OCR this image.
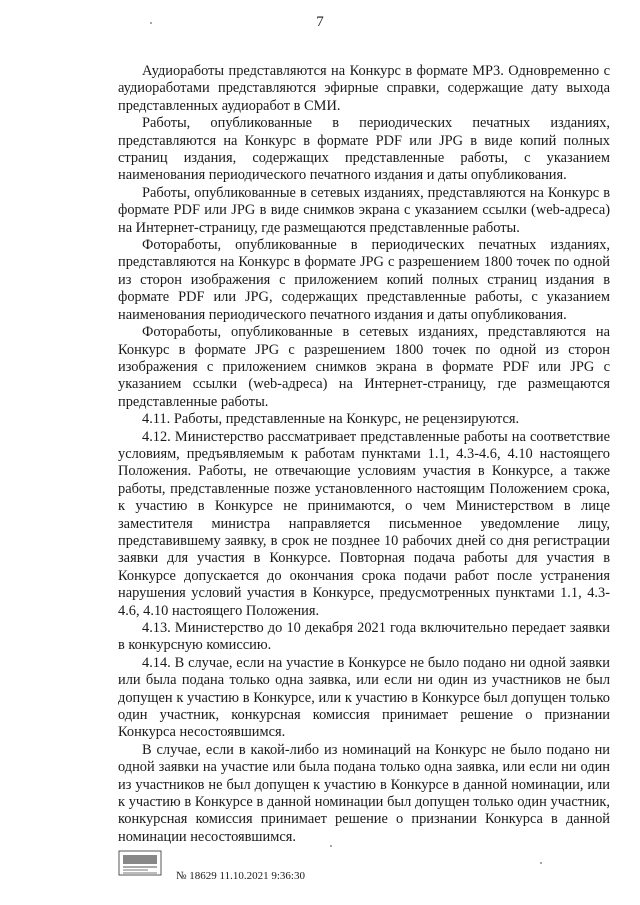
7

Аудиоработы представляются на Конкурс в формате MP3. Одновременно с аудиоработами представляются эфирные справки, содержащие дату выхода представленных аудиоработ в СМИ.

Работы, опубликованные в периодических печатных изданиях, представляются на Конкурс в формате PDF или JPG в виде копий полных страниц издания, содержащих представленные работы, с указанием наименования периодического печатного издания и даты опубликования.

Работы, опубликованные в сетевых изданиях, представляются на Конкурс в формате PDF или JPG в виде снимков экрана с указанием ссылки (web-адреса) на Интернет-страницу, где размещаются представленные работы.

Фотоработы, опубликованные в периодических печатных изданиях, представляются на Конкурс в формате JPG с разрешением 1800 точек по одной из сторон изображения с приложением копий полных страниц издания в формате PDF или JPG, содержащих представленные работы, с указанием наименования периодического печатного издания и даты опубликования.

Фотоработы, опубликованные в сетевых изданиях, представляются на Конкурс в формате JPG с разрешением 1800 точек по одной из сторон изображения с приложением снимков экрана в формате PDF или JPG с указанием ссылки (web-адреса) на Интернет-страницу, где размещаются представленные работы.

4.11. Работы, представленные на Конкурс, не рецензируются.

4.12. Министерство рассматривает представленные работы на соответствие условиям, предъявляемым к работам пунктами 1.1, 4.3-4.6, 4.10 настоящего Положения. Работы, не отвечающие условиям участия в Конкурсе, а также работы, представленные позже установленного настоящим Положением срока, к участию в Конкурсе не принимаются, о чем Министерством в лице заместителя министра направляется письменное уведомление лицу, представившему заявку, в срок не позднее 10 рабочих дней со дня регистрации заявки для участия в Конкурсе. Повторная подача работы для участия в Конкурсе допускается до окончания срока подачи работ после устранения нарушения условий участия в Конкурсе, предусмотренных пунктами 1.1, 4.3-4.6, 4.10 настоящего Положения.

4.13. Министерство до 10 декабря 2021 года включительно передает заявки в конкурсную комиссию.

4.14. В случае, если на участие в Конкурсе не было подано ни одной заявки или была подана только одна заявка, или если ни один из участников не был допущен к участию в Конкурсе, или к участию в Конкурсе был допущен только один участник, конкурсная комиссия принимает решение о признании Конкурса несостоявшимся.

В случае, если в какой-либо из номинаций на Конкурс не было подано ни одной заявки на участие или была подана только одна заявка, или если ни один из участников не был допущен к участию в Конкурсе в данной номинации, или к участию в Конкурсе в данной номинации был допущен только один участник, конкурсная комиссия принимает решение о признании Конкурса в данной номинации несостоявшимся.

№ 18629 11.10.2021 9:36:30
